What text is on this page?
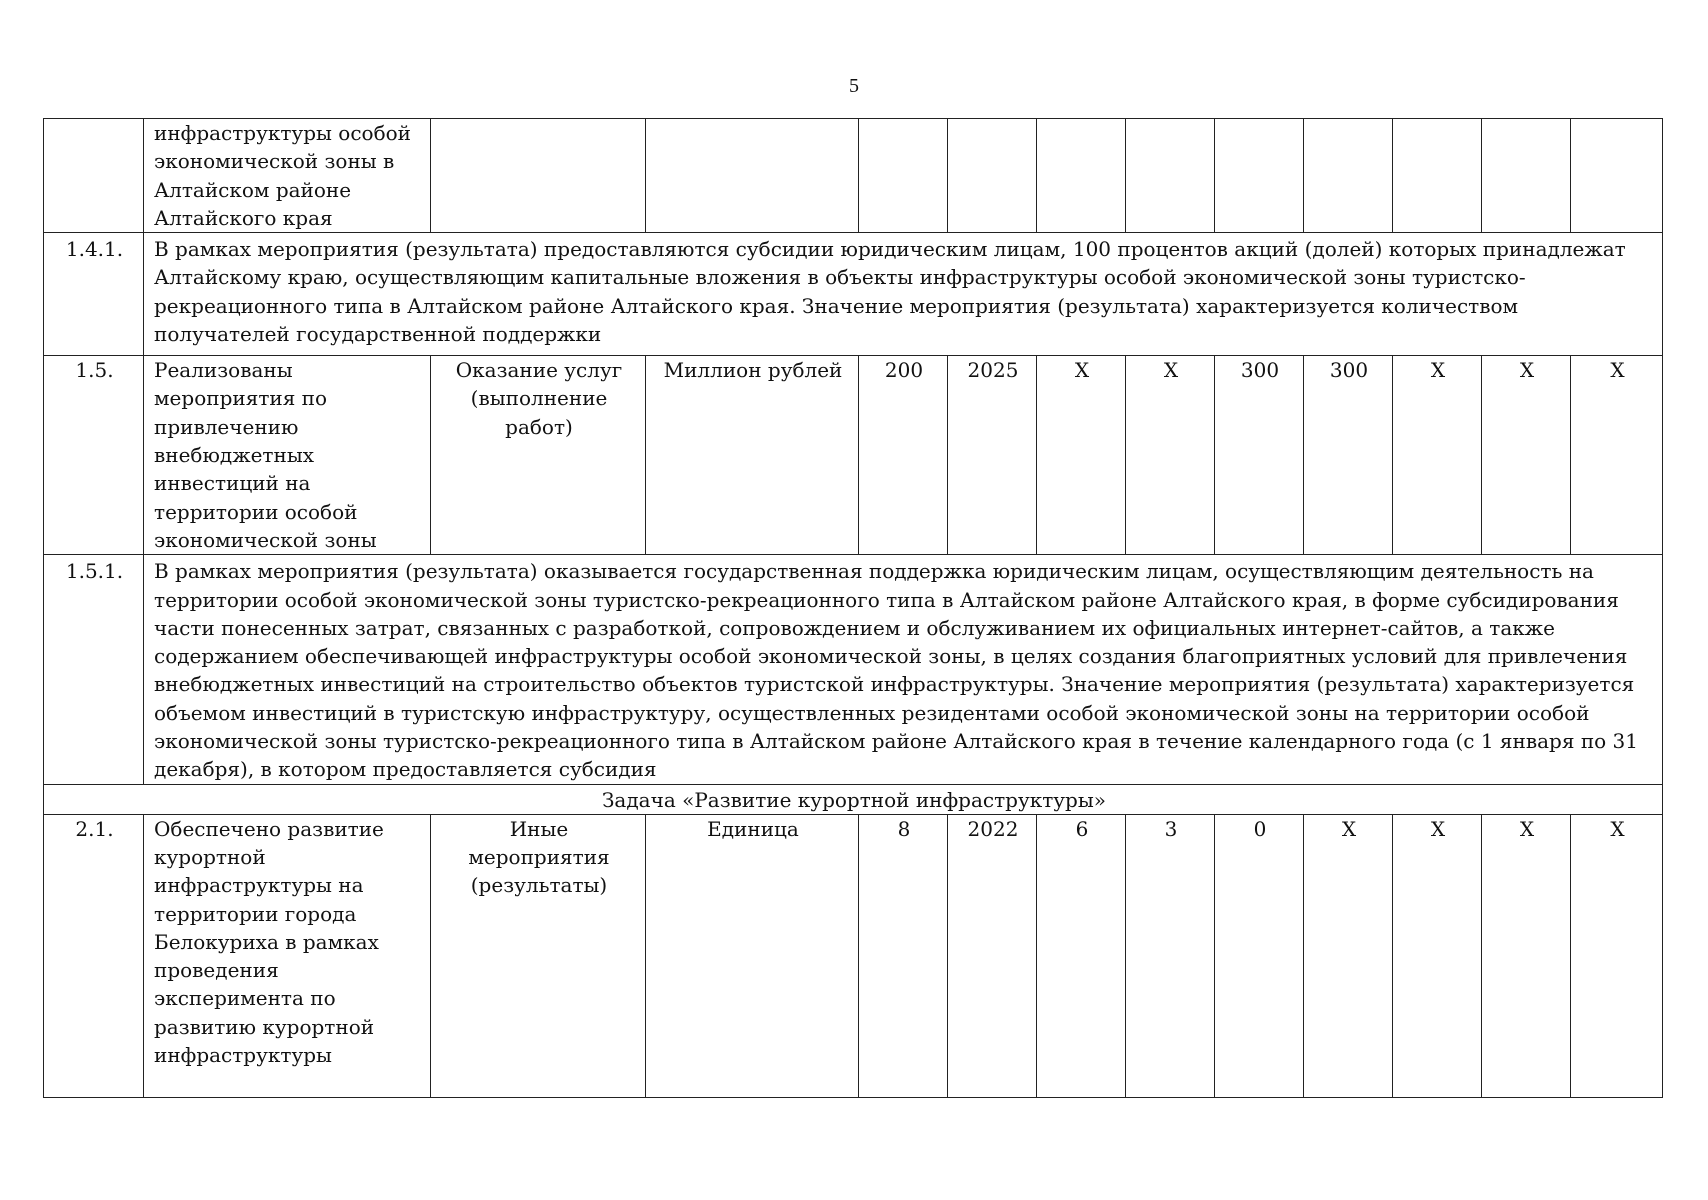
5
	инфраструктуры особой экономической зоны в Алтайском районе Алтайского края											
1.4.1.	В рамках мероприятия (результата) предоставляются субсидии юридическим лицам, 100 процентов акций (долей) которых принадлежат Алтайскому краю, осуществляющим капитальные вложения в объекты инфраструктуры особой экономической зоны туристско-рекреационного типа в Алтайском районе Алтайского края. Значение мероприятия (результата) характеризуется количеством получателей государственной поддержки											
1.5.	Реализованы мероприятия по привлечению внебюджетных инвестиций на территории особой экономической зоны	Оказание услуг (выполнение работ)	Миллион рублей	200	2025	X	X	300	300	X	X	X
1.5.1.	В рамках мероприятия (результата) оказывается государственная поддержка юридическим лицам, осуществляющим деятельность на территории особой экономической зоны туристско-рекреационного типа в Алтайском районе Алтайского края, в форме субсидирования части понесенных затрат, связанных с разработкой, сопровождением и обслуживанием их официальных интернет-сайтов, а также содержанием обеспечивающей инфраструктуры особой экономической зоны, в целях создания благоприятных условий для привлечения внебюджетных инвестиций на строительство объектов туристской инфраструктуры. Значение мероприятия (результата) характеризуется объемом инвестиций в туристскую инфраструктуру, осуществленных резидентами особой экономической зоны на территории особой экономической зоны туристско-рекреационного типа в Алтайском районе Алтайского края в течение календарного года (с 1 января по 31 декабря), в котором предоставляется субсидия											
Задача «Развитие курортной инфраструктуры»												
2.1.	Обеспечено развитие курортной инфраструктуры на территории города Белокуриха в рамках проведения эксперимента по развитию курортной инфраструктуры	Иные мероприятия (результаты)	Единица	8	2022	6	3	0	X	X	X	X
